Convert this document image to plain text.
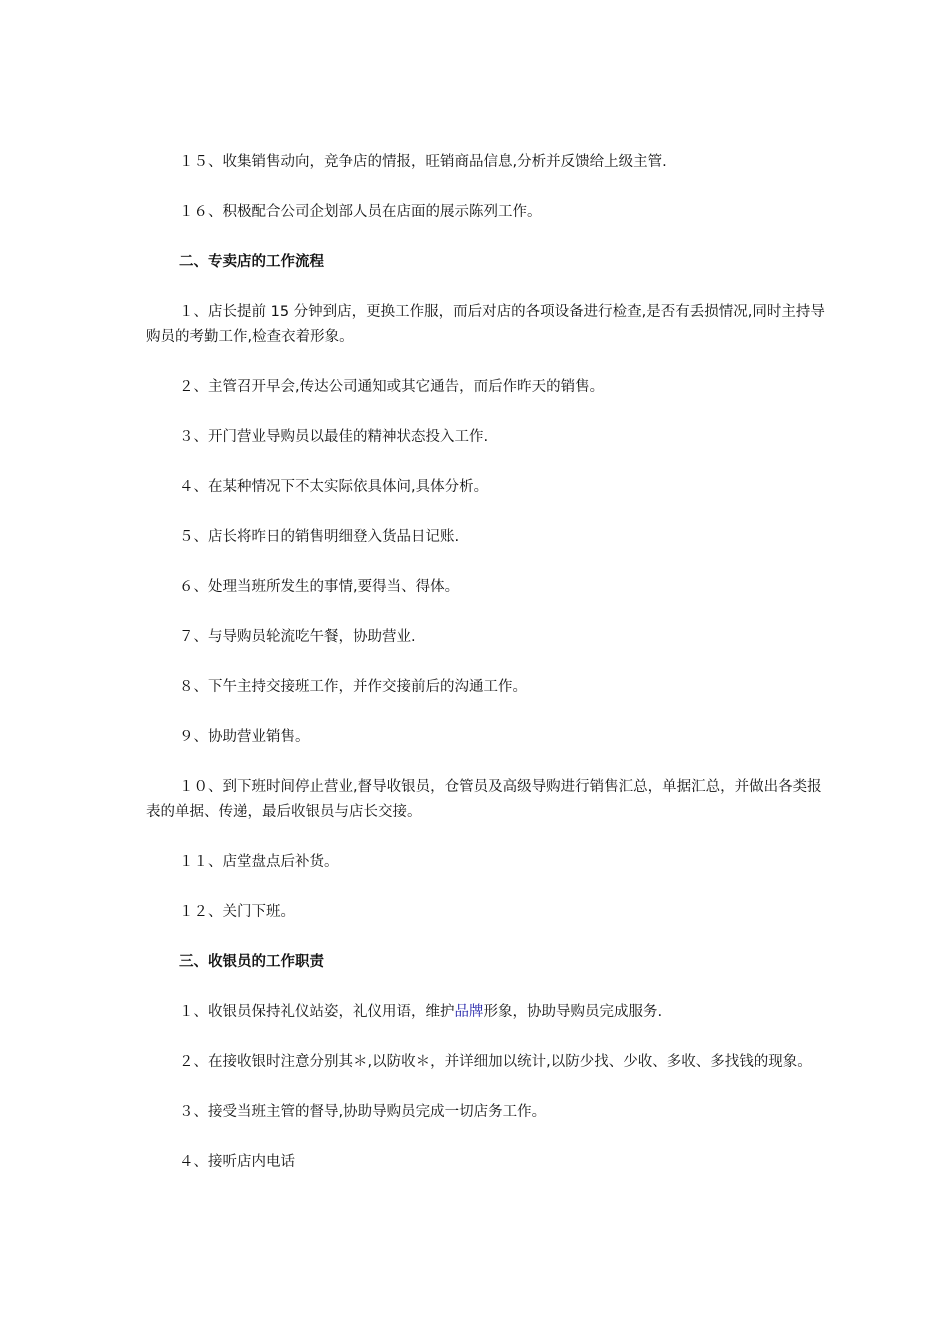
１５、收集销售动向，竞争店的情报，旺销商品信息,分析并反馈给上级主管.

１６、积极配合公司企划部人员在店面的展示陈列工作。

二、专卖店的工作流程

１、店长提前 15 分钟到店，更换工作服，而后对店的各项设备进行检查,是否有丢损情况,同时主持导购员的考勤工作,检查衣着形象。

２、主管召开早会,传达公司通知或其它通告，而后作昨天的销售。

３、开门营业导购员以最佳的精神状态投入工作.

４、在某种情况下不太实际依具体问,具体分析。

５、店长将昨日的销售明细登入货品日记账.

６、处理当班所发生的事情,要得当、得体。

７、与导购员轮流吃午餐，协助营业.

８、下午主持交接班工作，并作交接前后的沟通工作。

９、协助营业销售。

１０、到下班时间停止营业,督导收银员，仓管员及高级导购进行销售汇总，单据汇总，并做出各类报表的单据、传递，最后收银员与店长交接。

１１、店堂盘点后补货。

１２、关门下班。

三、收银员的工作职责

１、收银员保持礼仪站姿，礼仪用语，维护品牌形象，协助导购员完成服务.

２、在接收银时注意分别其＊,以防收＊，并详细加以统计,以防少找、少收、多收、多找钱的现象。

３、接受当班主管的督导,协助导购员完成一切店务工作。

４、接听店内电话
